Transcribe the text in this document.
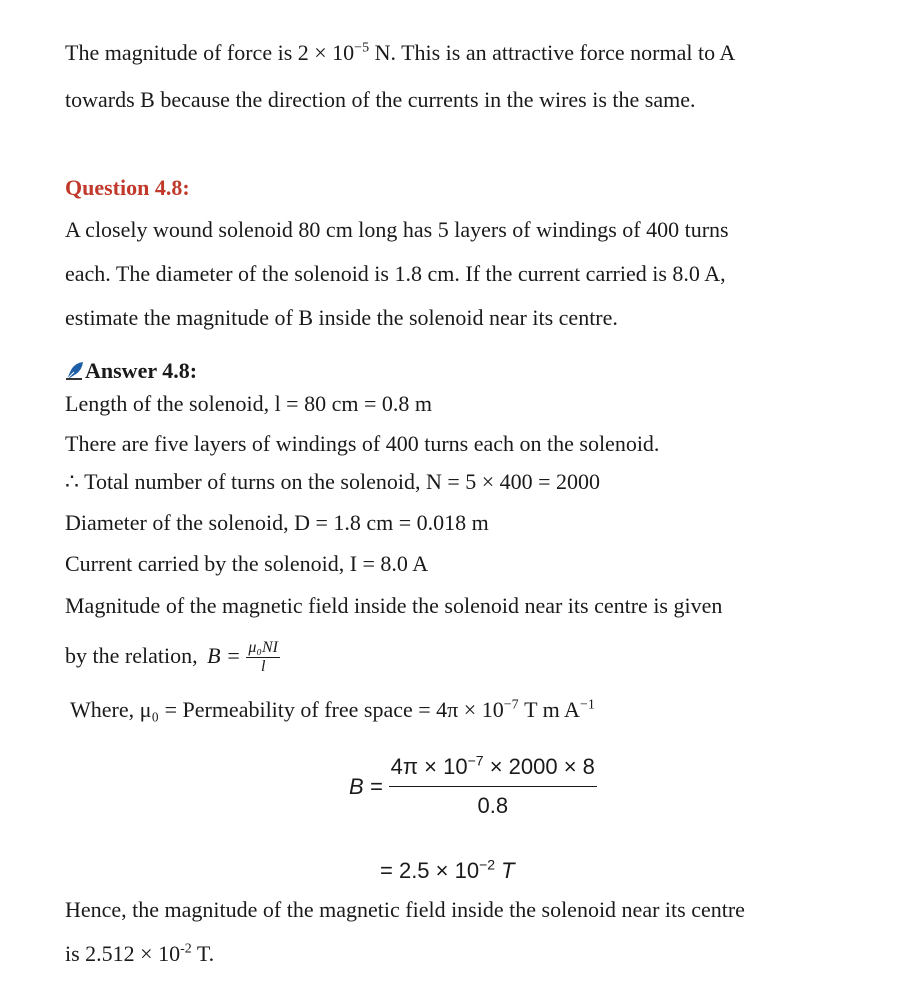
The magnitude of force is $2 \times 10^{-5}$ N. This is an attractive force normal to A
towards B because the direction of the currents in the wires is the same.
Question 4.8:
A closely wound solenoid 80 cm long has 5 layers of windings of 400 turns
each. The diameter of the solenoid is 1.8 cm. If the current carried is 8.0 A,
estimate the magnitude of B inside the solenoid near its centre.
Answer 4.8:
Length of the solenoid, l = 80 cm = 0.8 m
There are five layers of windings of 400 turns each on the solenoid.
∴ Total number of turns on the solenoid, N = 5 × 400 = 2000
Diameter of the solenoid, D = 1.8 cm = 0.018 m
Current carried by the solenoid, I = 8.0 A
Magnitude of the magnetic field inside the solenoid near its centre is given
by the relation, $B = \frac{\text{μ₀NI}}{l}$
Where, μ₀ = Permeability of free space = $4\pi \times 10^{-7}$ T m $A^{-1}$
$B = \frac{4\pi \times 10^{-7} \times 2000 \times 8}{0.8}$
= $2.5 \times 10^{-2}$ T
Hence, the magnitude of the magnetic field inside the solenoid near its centre
is $2.512 \times 10^{-2}$ T.
